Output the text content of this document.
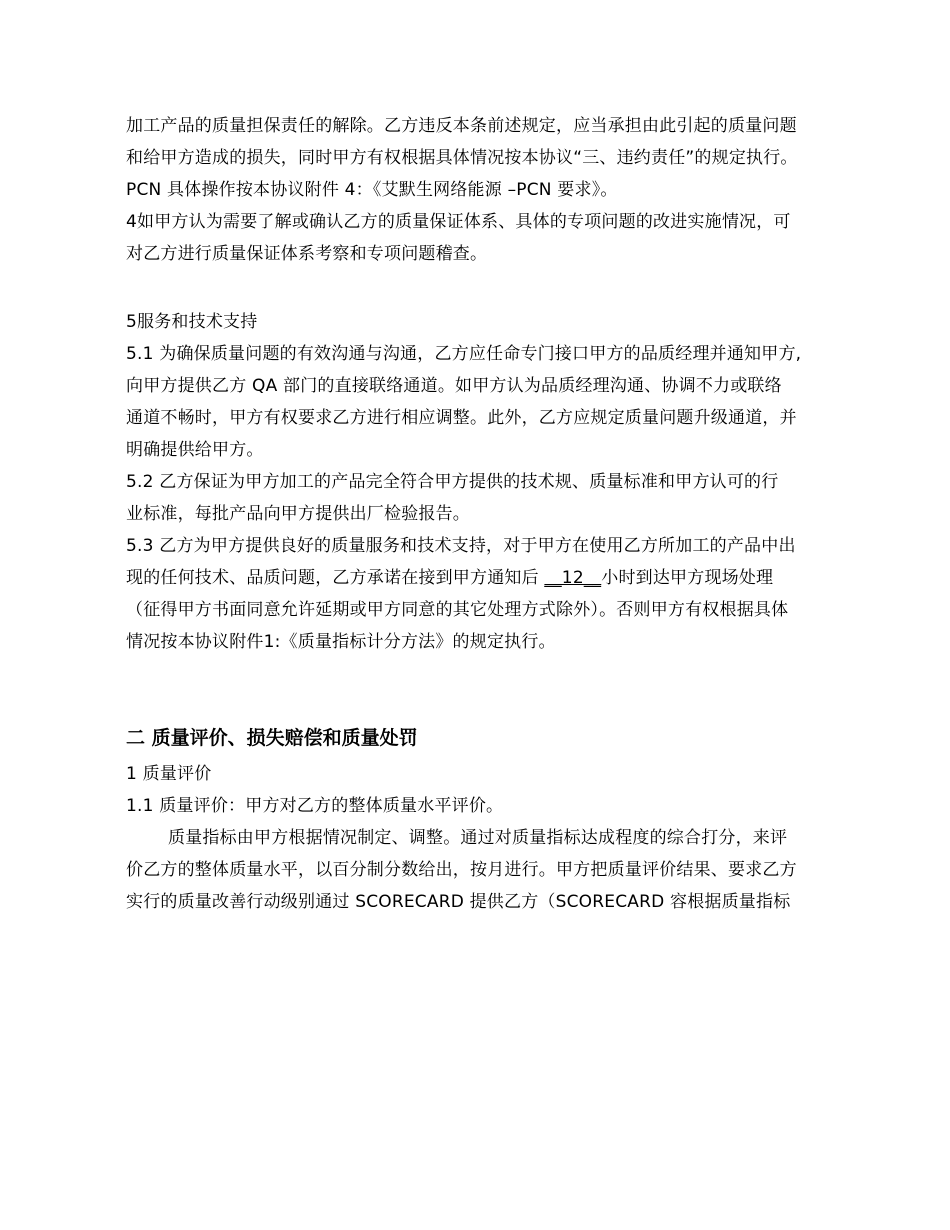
加工产品的质量担保责任的解除。乙方违反本条前述规定，应当承担由此引起的质量问题
和给甲方造成的损失，同时甲方有权根据具体情况按本协议“三、违约责任”的规定执行。
PCN 具体操作按本协议附件 4：《艾默生网络能源 –PCN 要求》。
4如甲方认为需要了解或确认乙方的质量保证体系、具体的专项问题的改进实施情况，可
对乙方进行质量保证体系考察和专项问题稽查。
5服务和技术支持
5.1 为确保质量问题的有效沟通与沟通，乙方应任命专门接口甲方的品质经理并通知甲方,
向甲方提供乙方 QA 部门的直接联络通道。如甲方认为品质经理沟通、协调不力或联络
通道不畅时，甲方有权要求乙方进行相应调整。此外，乙方应规定质量问题升级通道，并
明确提供给甲方。
5.2 乙方保证为甲方加工的产品完全符合甲方提供的技术规、质量标准和甲方认可的行
业标准，每批产品向甲方提供出厂检验报告。
5.3 乙方为甲方提供良好的质量服务和技术支持，对于甲方在使用乙方所加工的产品中出
现的任何技术、品质问题，乙方承诺在接到甲方通知后 __12__小时到达甲方现场处理
（征得甲方书面同意允许延期或甲方同意的其它处理方式除外）。否则甲方有权根据具体
情况按本协议附件1:《质量指标计分方法》的规定执行。
二 质量评价、损失赔偿和质量处罚
1 质量评价
1.1 质量评价：甲方对乙方的整体质量水平评价。
质量指标由甲方根据情况制定、调整。通过对质量指标达成程度的综合打分，来评
价乙方的整体质量水平，以百分制分数给出，按月进行。甲方把质量评价结果、要求乙方
实行的质量改善行动级别通过 SCORECARD 提供乙方（SCORECARD 容根据质量指标
